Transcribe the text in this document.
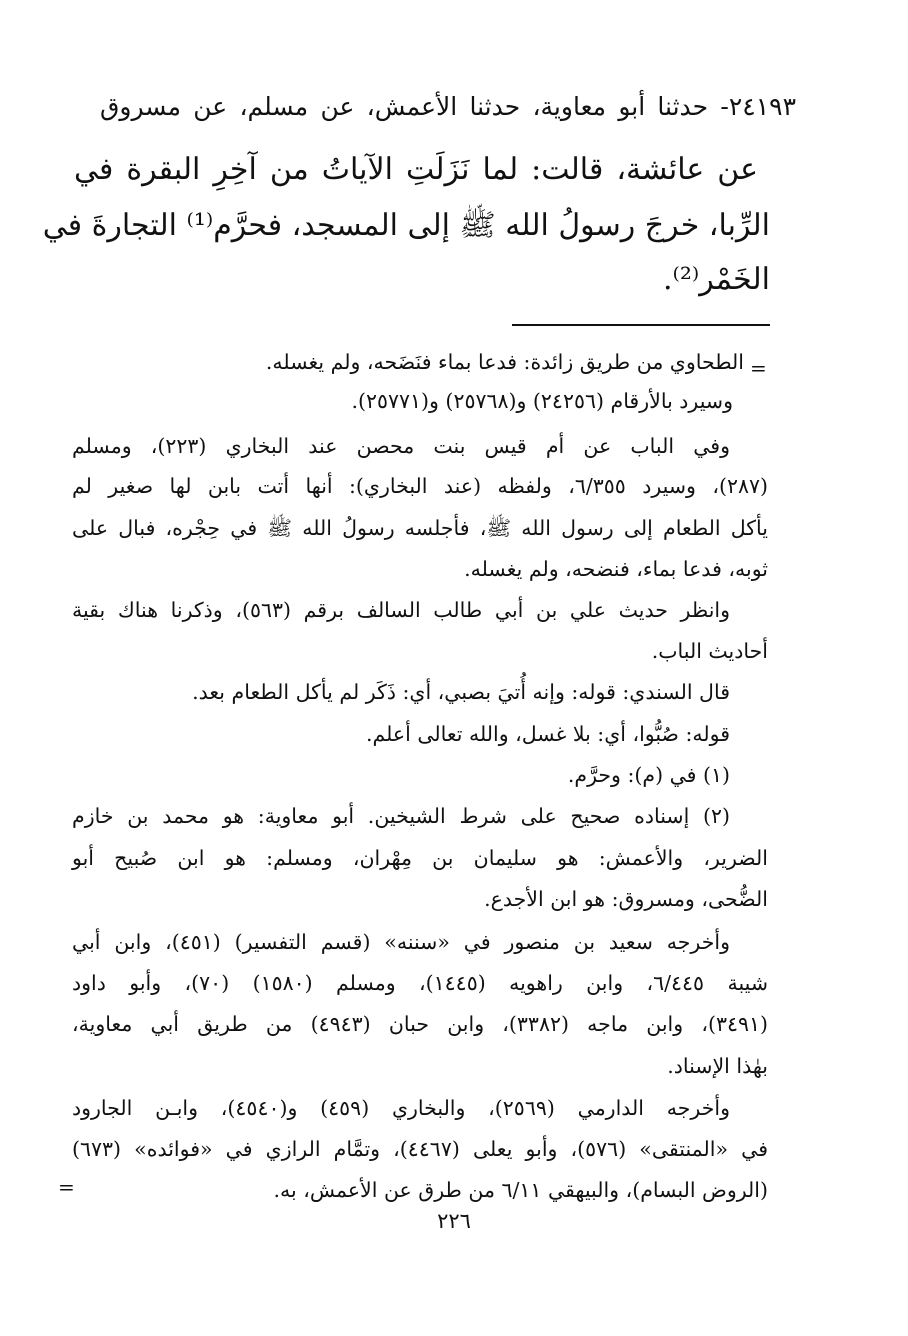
٢٤١٩٣- حدثنا أبو معاوية، حدثنا الأعمش، عن مسلم، عن مسروق
عن عائشة، قالت: لما نَزَلَتِ الآياتُ من آخِرِ البقرة في
الرِّبا، خرجَ رسولُ الله ﷺ إلى المسجد، فحرَّم⁽¹⁾ التجارةَ في
الخَمْر⁽²⁾.
=
الطحاوي من طريق زائدة: فدعا بماء فنَضَحه، ولم يغسله.
وسيرد بالأرقام (٢٤٢٥٦) و(٢٥٧٦٨) و(٢٥٧٧١).
وفي الباب عن أم قيس بنت محصن عند البخاري (٢٢٣)، ومسلم
(٢٨٧)، وسيرد ٦/٣٥٥، ولفظه (عند البخاري): أنها أتت بابن لها صغير لم
يأكل الطعام إلى رسول الله ﷺ، فأجلسه رسولُ الله ﷺ في حِجْره، فبال على
ثوبه، فدعا بماء، فنضحه، ولم يغسله.
وانظر حديث علي بن أبي طالب السالف برقم (٥٦٣)، وذكرنا هناك بقية
أحاديث الباب.
قال السندي: قوله: وإنه أُتيَ بصبي، أي: ذَكَر لم يأكل الطعام بعد.
قوله: صُبُّوا، أي: بلا غسل، والله تعالى أعلم.
(١) في (م): وحرَّم.
(٢) إسناده صحيح على شرط الشيخين. أبو معاوية: هو محمد بن خازم
الضرير، والأعمش: هو سليمان بن مِهْران، ومسلم: هو ابن صُبيح أبو
الضُّحى، ومسروق: هو ابن الأجدع.
وأخرجه سعيد بن منصور في «سننه» (قسم التفسير) (٤٥١)، وابن أبي
شيبة ٦/٤٤٥، وابن راهويه (١٤٤٥)، ومسلم (١٥٨٠) (٧٠)، وأبو داود
(٣٤٩١)، وابن ماجه (٣٣٨٢)، وابن حبان (٤٩٤٣) من طريق أبي معاوية،
بهٰذا الإسناد.
وأخرجه الدارمي (٢٥٦٩)، والبخاري (٤٥٩) و(٤٥٤٠)، وابـن الجارود
في «المنتقى» (٥٧٦)، وأبو يعلى (٤٤٦٧)، وتمَّام الرازي في «فوائده» (٦٧٣)
(الروض البسام)، والبيهقي ٦/١١ من طرق عن الأعمش، به.
=
٢٢٦
